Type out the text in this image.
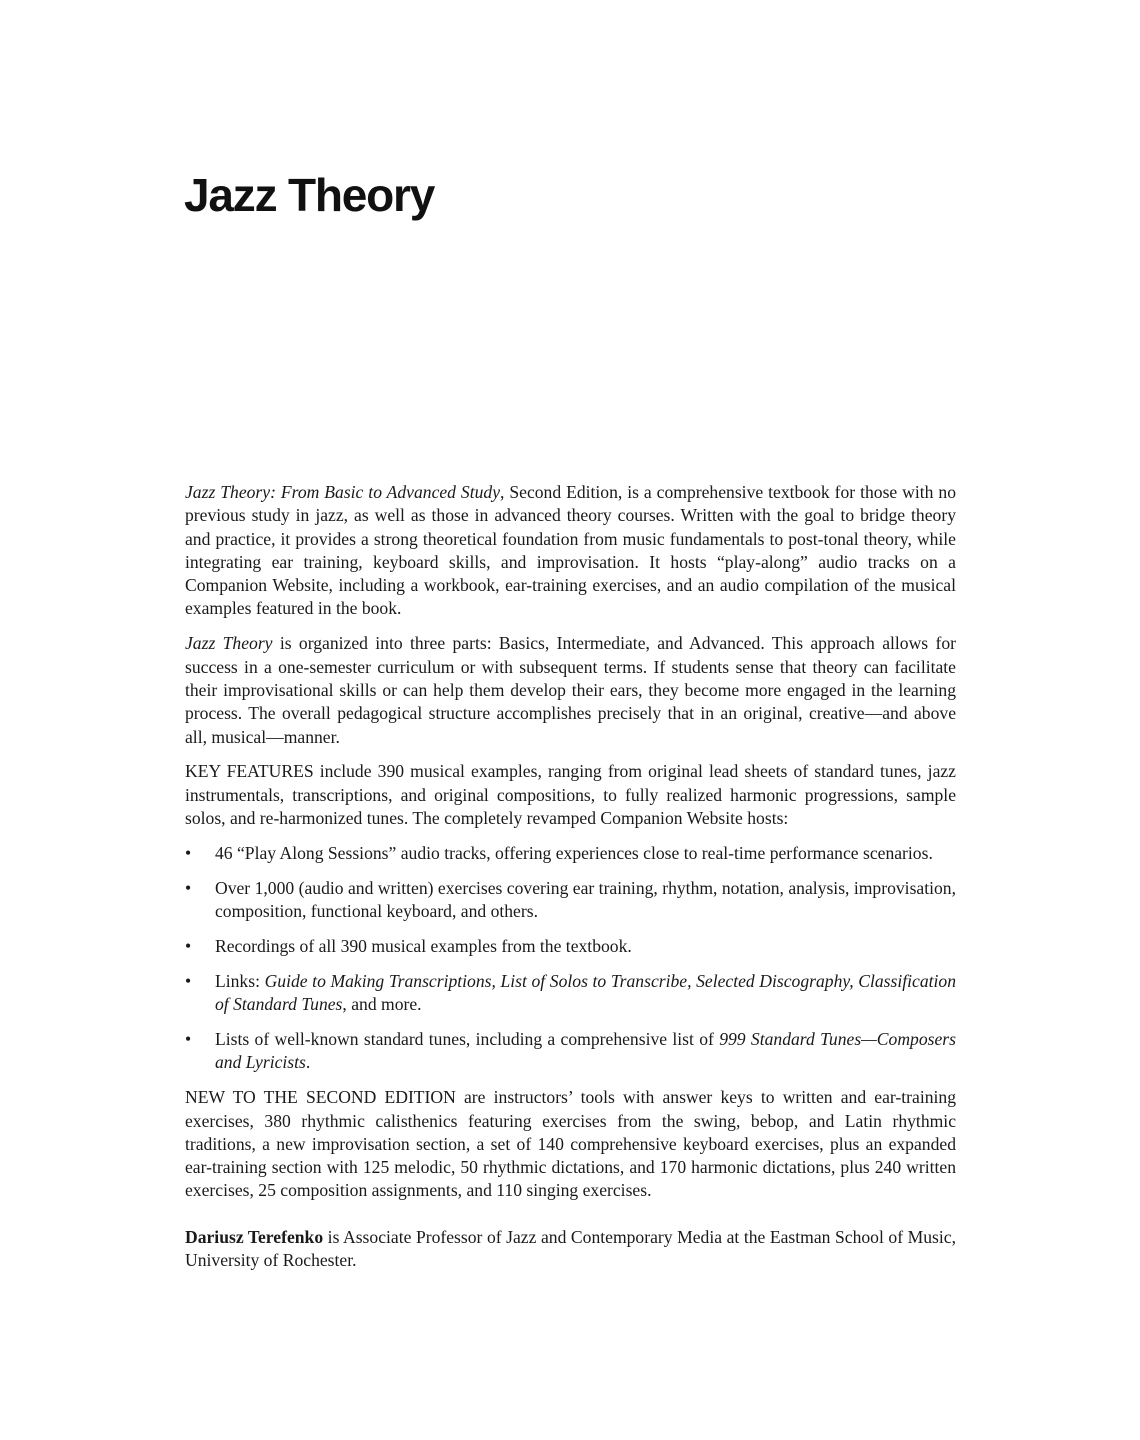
Jazz Theory

Jazz Theory: From Basic to Advanced Study, Second Edition, is a comprehensive textbook for those with no previous study in jazz, as well as those in advanced theory courses. Written with the goal to bridge theory and practice, it provides a strong theoretical foundation from music fundamentals to post-tonal theory, while integrating ear training, keyboard skills, and improvisation. It hosts “play-along” audio tracks on a Companion Website, including a workbook, ear-training exercises, and an audio compilation of the musical examples featured in the book.

Jazz Theory is organized into three parts: Basics, Intermediate, and Advanced. This approach allows for success in a one-semester curriculum or with subsequent terms. If students sense that theory can facilitate their improvisational skills or can help them develop their ears, they become more engaged in the learning process. The overall pedagogical structure accomplishes precisely that in an original, creative—and above all, musical—manner.

KEY FEATURES include 390 musical examples, ranging from original lead sheets of standard tunes, jazz instrumentals, transcriptions, and original compositions, to fully realized harmonic progressions, sample solos, and re-harmonized tunes. The completely revamped Companion Website hosts:

• 46 “Play Along Sessions” audio tracks, offering experiences close to real-time performance scenarios.
• Over 1,000 (audio and written) exercises covering ear training, rhythm, notation, analysis, improvisation, composition, functional keyboard, and others.
• Recordings of all 390 musical examples from the textbook.
• Links: Guide to Making Transcriptions, List of Solos to Transcribe, Selected Discography, Classification of Standard Tunes, and more.
• Lists of well-known standard tunes, including a comprehensive list of 999 Standard Tunes—Composers and Lyricists.

NEW TO THE SECOND EDITION are instructors’ tools with answer keys to written and ear-training exercises, 380 rhythmic calisthenics featuring exercises from the swing, bebop, and Latin rhythmic traditions, a new improvisation section, a set of 140 comprehensive keyboard exercises, plus an expanded ear-training section with 125 melodic, 50 rhythmic dictations, and 170 harmonic dictations, plus 240 written exercises, 25 composition assignments, and 110 singing exercises.

Dariusz Terefenko is Associate Professor of Jazz and Contemporary Media at the Eastman School of Music, University of Rochester.
